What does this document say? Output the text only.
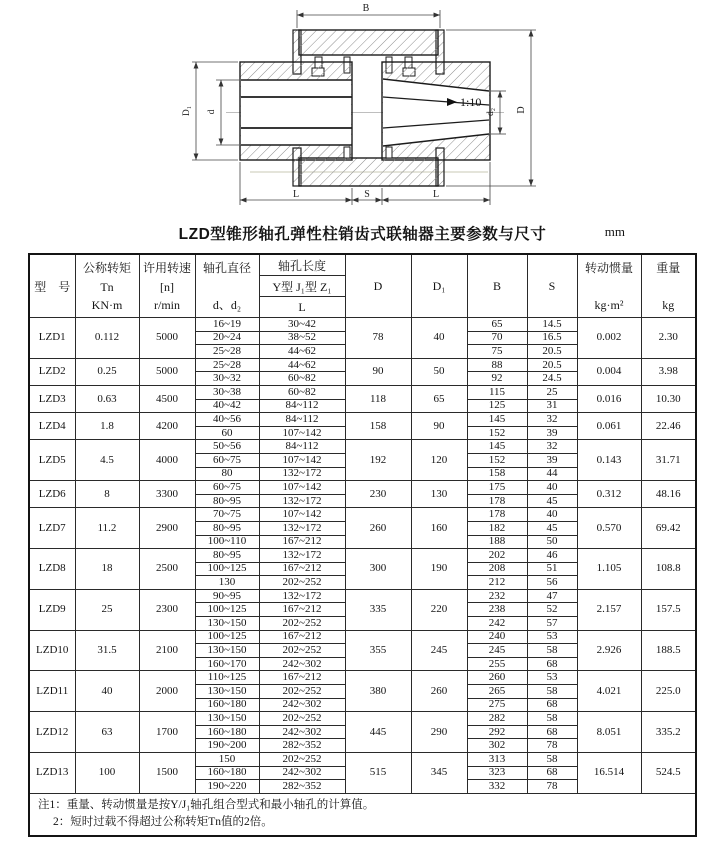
1:10
B
D
d₂
D₁ d
L	S	L
LZD型锥形轴孔弹性柱销齿式联轴器主要参数与尺寸	mm
型　号	
公称转矩
Tn
KN·m

许用转速
[n]
r/min

轴孔直径
d、d₂

轴孔长度
Y型 J₁型 Z₁
L
	D	D₁	B	S	
转动惯量
kg·m²

重量
kg

LZD1	0.112	5000	16~19	30~42	78	40	65	14.5	0.002	2.30
			20~24	38~52			70	16.5		
			25~28	44~62			75	20.5		
LZD2	0.25	5000	25~28	44~62	90	50	88	20.5	0.004	3.98
			30~32	60~82			92	24.5		
LZD3	0.63	4500	30~38	60~82	118	65	115	25	0.016	10.30
			40~42	84~112			125	31		
LZD4	1.8	4200	40~56	84~112	158	90	145	32	0.061	22.46
			60	107~142			152	39		
LZD5	4.5	4000	50~56	84~112	192	120	145	32	0.143	31.71
			60~75	107~142			152	39		
			80	132~172			158	44		
LZD6	8	3300	60~75	107~142	230	130	175	40	0.312	48.16
			80~95	132~172			178	45		
LZD7	11.2	2900	70~75	107~142	260	160	178	40	0.570	69.42
			80~95	132~172			182	45		
			100~110	167~212			188	50		
LZD8	18	2500	80~95	132~172	300	190	202	46	1.105	108.8
			100~125	167~212			208	51		
			130	202~252			212	56		
LZD9	25	2300	90~95	132~172	335	220	232	47	2.157	157.5
			100~125	167~212			238	52		
			130~150	202~252			242	57		
LZD10	31.5	2100	100~125	167~212	355	245	240	53	2.926	188.5
			130~150	202~252			245	58		
			160~170	242~302			255	68		
LZD11	40	2000	110~125	167~212	380	260	260	53	4.021	225.0
			130~150	202~252			265	58		
			160~180	242~302			275	68		
LZD12	63	1700	130~150	202~252	445	290	282	58	8.051	335.2
			160~180	242~302			292	68		
			190~200	282~352			302	78		
LZD13	100	1500	150	202~252	515	345	313	58	16.514	524.5
			160~180	242~302			323	68		
			190~220	282~352			332	78		

注1：重量、转动惯量是按Y/J₁轴孔组合型式和最小轴孔的计算值。
2：短时过载不得超过公称转矩Tn值的2倍。										
